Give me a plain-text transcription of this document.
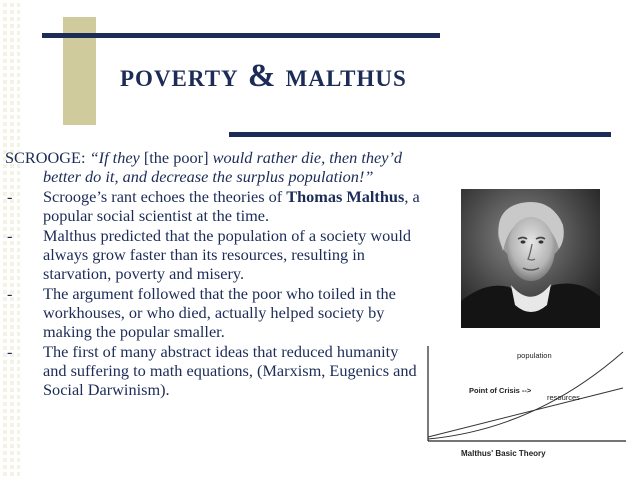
poverty & malthus
SCROOGE: “If they [the poor] would rather die, then they’d better do it, and decrease the surplus population!”
- Scrooge’s rant echoes the theories of Thomas Malthus, a popular social scientist at the time.
- Malthus predicted that the population of a society would always grow faster than its resources, resulting in starvation, poverty and misery.
- The argument followed that the poor who toiled in the workhouses, or who died, actually helped society by making the popular smaller.
- The first of many abstract ideas that reduced humanity and suffering to math equations, (Marxism, Eugenics and Social Darwinism).
population
resources
Point of Crisis -->
Malthus' Basic Theory
